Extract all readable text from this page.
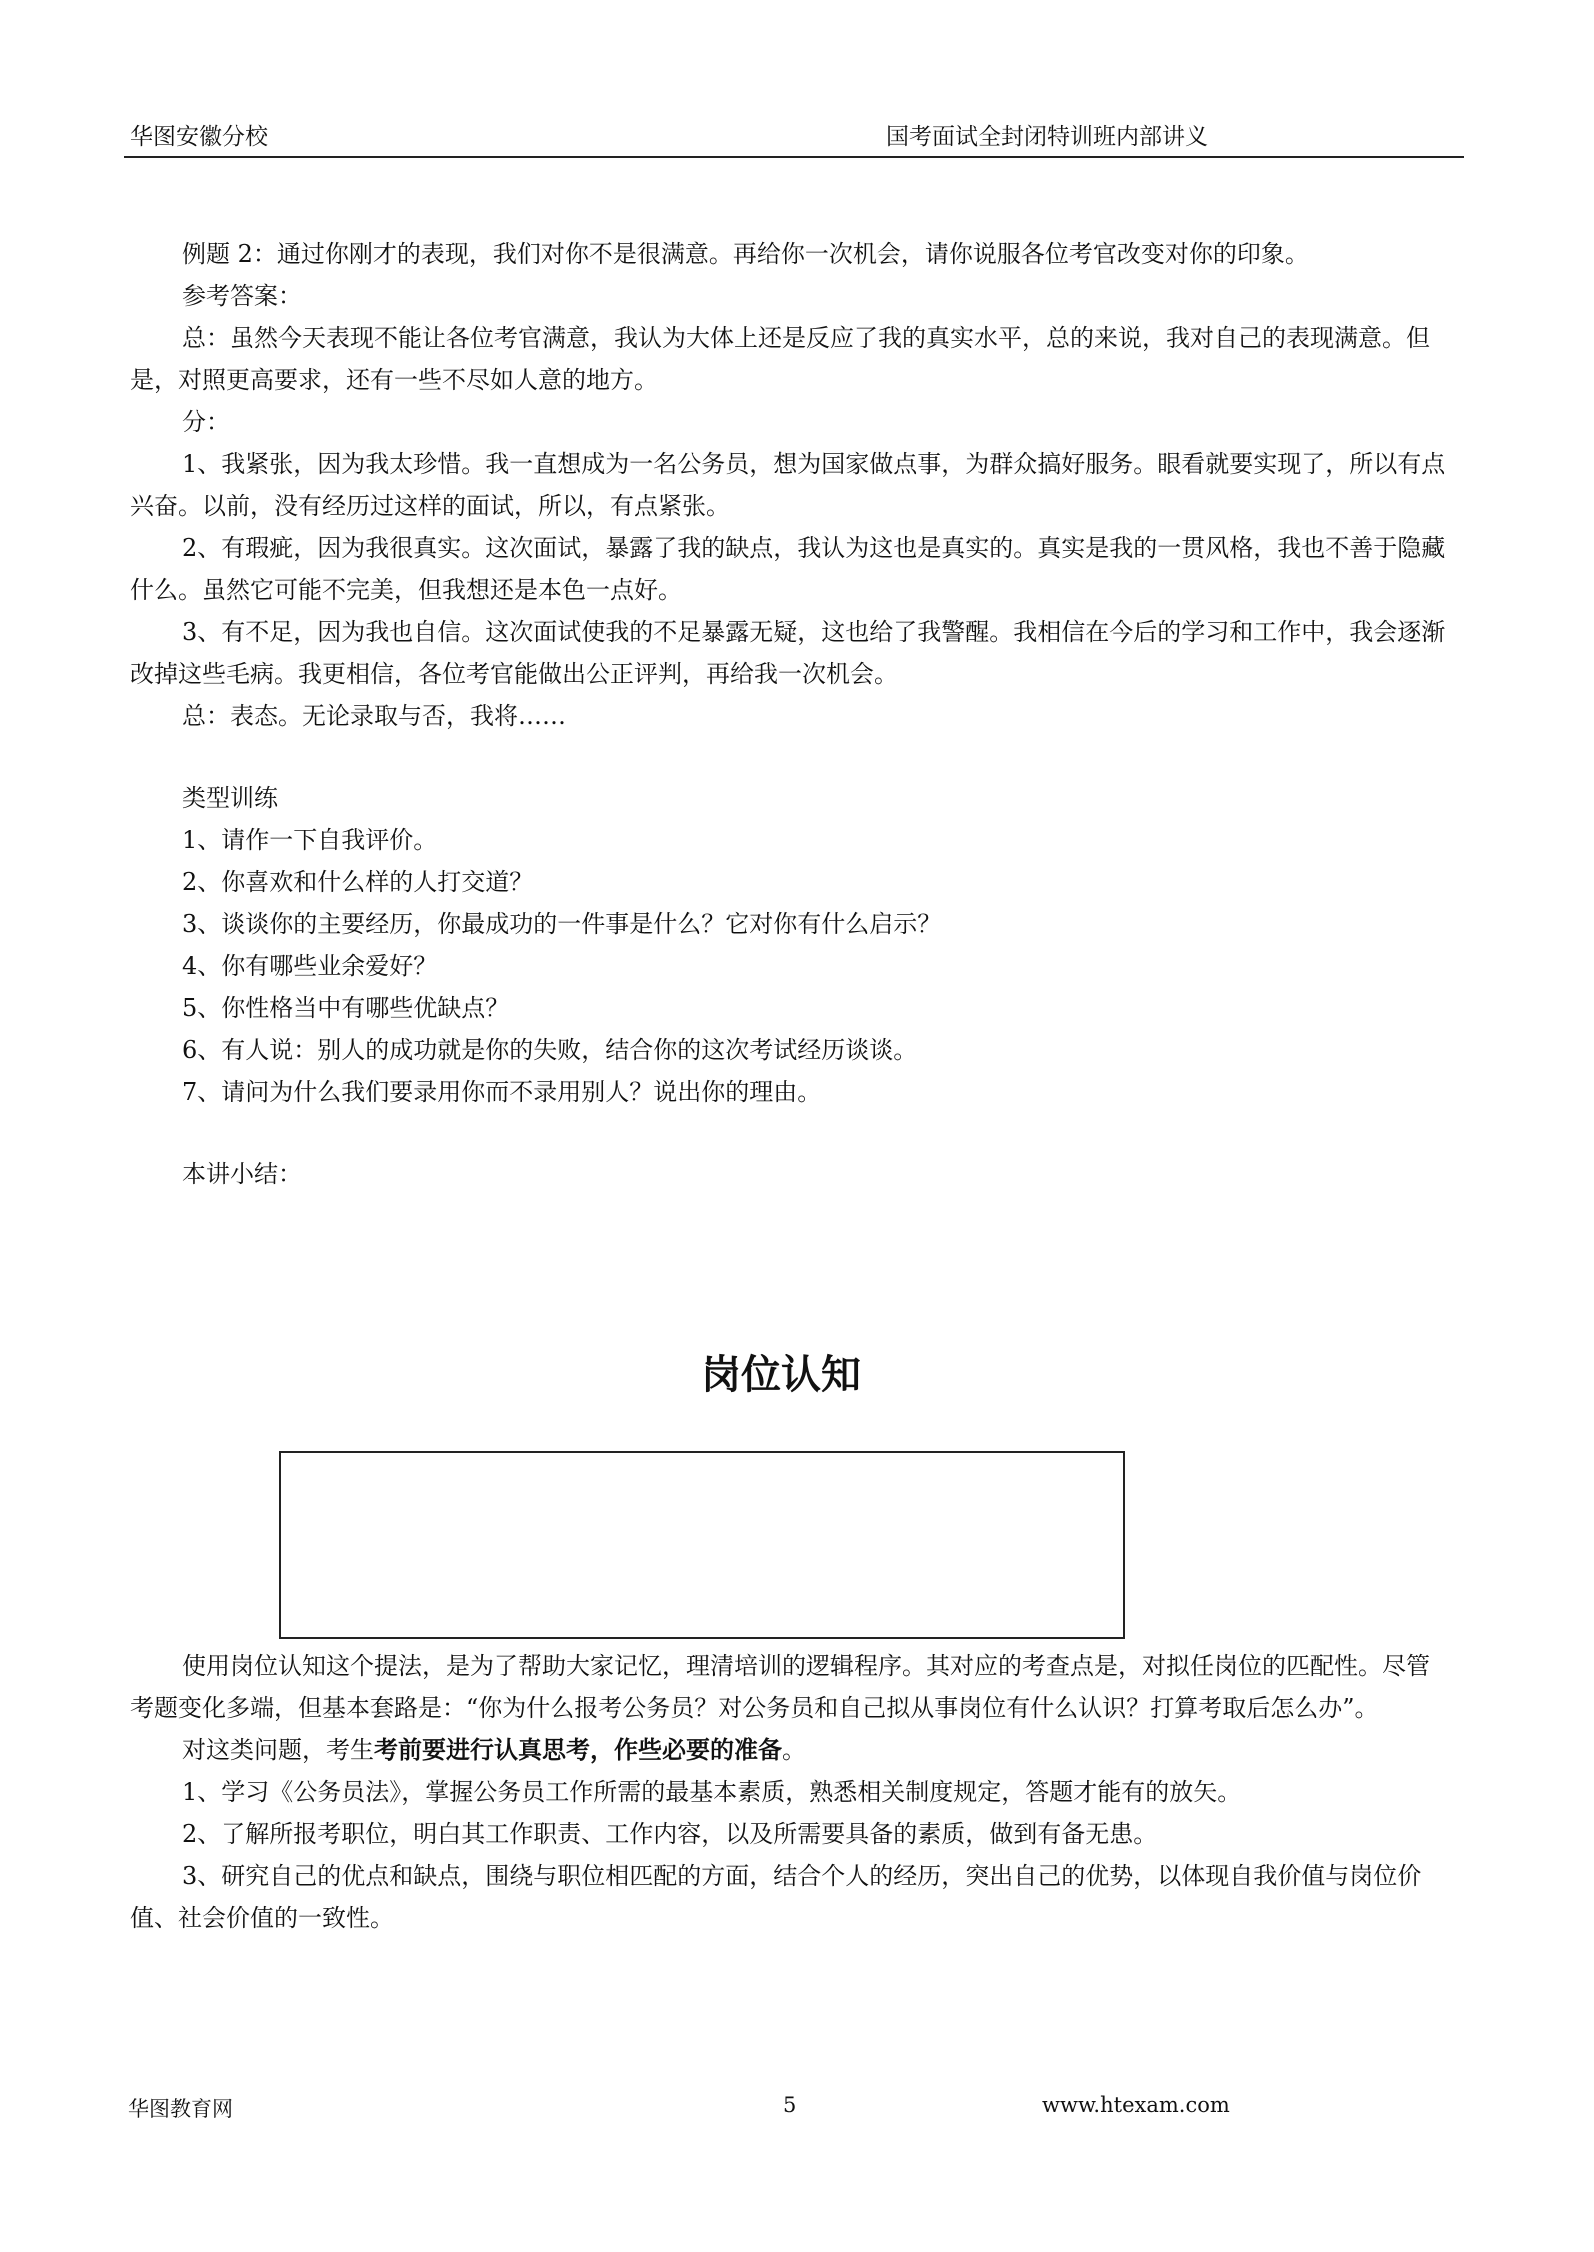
华图安徽分校	国考面试全封闭特训班内部讲义

例题 2：通过你刚才的表现，我们对你不是很满意。再给你一次机会，请你说服各位考官改变对你的印象。

参考答案：

总：虽然今天表现不能让各位考官满意，我认为大体上还是反应了我的真实水平，总的来说，我对自己的表现满意。但是，对照更高要求，还有一些不尽如人意的地方。

分：

1、我紧张，因为我太珍惜。我一直想成为一名公务员，想为国家做点事，为群众搞好服务。眼看就要实现了，所以有点兴奋。以前，没有经历过这样的面试，所以，有点紧张。

2、有瑕疵，因为我很真实。这次面试，暴露了我的缺点，我认为这也是真实的。真实是我的一贯风格，我也不善于隐藏什么。虽然它可能不完美，但我想还是本色一点好。

3、有不足，因为我也自信。这次面试使我的不足暴露无疑，这也给了我警醒。我相信在今后的学习和工作中，我会逐渐改掉这些毛病。我更相信，各位考官能做出公正评判，再给我一次机会。

总：表态。无论录取与否，我将……

类型训练

1、请作一下自我评价。

2、你喜欢和什么样的人打交道？

3、谈谈你的主要经历，你最成功的一件事是什么？它对你有什么启示？

4、你有哪些业余爱好？

5、你性格当中有哪些优缺点？

6、有人说：别人的成功就是你的失败，结合你的这次考试经历谈谈。

7、请问为什么我们要录用你而不录用别人？说出你的理由。

本讲小结：

岗位认知

使用岗位认知这个提法，是为了帮助大家记忆，理清培训的逻辑程序。其对应的考查点是，对拟任岗位的匹配性。尽管考题变化多端，但基本套路是：“你为什么报考公务员？对公务员和自己拟从事岗位有什么认识？打算考取后怎么办”。

对这类问题，考生考前要进行认真思考，作些必要的准备。

1、学习《公务员法》，掌握公务员工作所需的最基本素质，熟悉相关制度规定，答题才能有的放矢。

2、了解所报考职位，明白其工作职责、工作内容，以及所需要具备的素质，做到有备无患。

3、研究自己的优点和缺点，围绕与职位相匹配的方面，结合个人的经历，突出自己的优势，以体现自我价值与岗位价值、社会价值的一致性。

华图教育网	5	www.htexam.com
